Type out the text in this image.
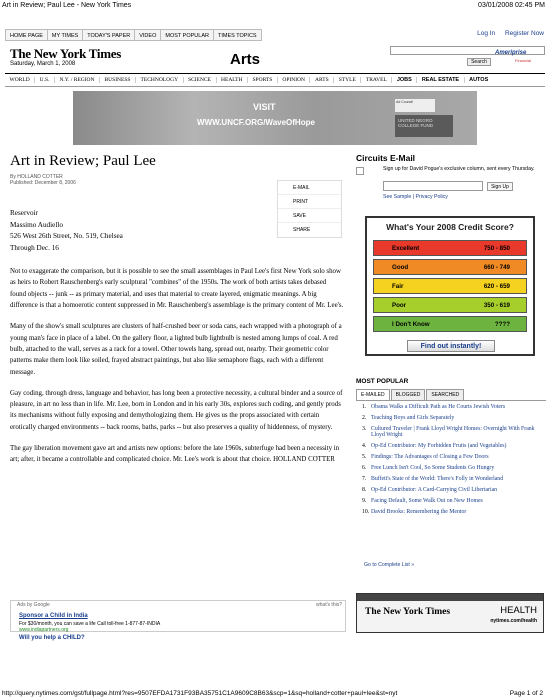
Art in Review; Paul Lee - New York Times	03/01/2008 02:45 PM
HOME PAGE	MY TIMES	TODAY'S PAPER	VIDEO	MOST POPULAR	TIMES TOPICS	Log In Register Now
The New York Times
Saturday, March 1, 2008	Arts	Search
Ameriprise
Financial
WORLD	U.S.	N.Y. / REGION	BUSINESS	TECHNOLOGY	SCIENCE	HEALTH	SPORTS	OPINION	ARTS	STYLE	TRAVEL	JOBS	REAL ESTATE	AUTOS
VISIT
WWW.UNCF.ORG/WaveOfHope
Ad Council
UNITED NEGRO COLLEGE FUND
Art in Review; Paul Lee
By HOLLAND COTTER
Published: December 8, 2006
E-MAIL
PRINT
SAVE
SHARE
Reservoir
Massimo Audiello
526 West 26th Street, No. 519, Chelsea
Through Dec. 16

Not to exaggerate the comparison, but it is possible to see the small assemblages in Paul Lee's first New York solo show as heirs to Robert Rauschenberg's early sculptural "combines" of the 1950s. The work of both artists takes debased found objects -- junk -- as primary material, and uses that material to create layered, enigmatic meanings. A big difference is that a homoerotic content suppressed in Mr. Rauschenberg's assemblage is the primary content of Mr. Lee's.

Many of the show's small sculptures are clusters of half-crushed beer or soda cans, each wrapped with a photograph of a young man's face in place of a label. On the gallery floor, a lighted bulb lightbulb is nested among lumps of coal. A red bulb, attached to the wall, serves as a rack for a towel. Other towels hang, spread out, nearby. Their geometric color patterns make them look like soiled, frayed abstract paintings, but also like semaphore flags, each with a different message.

Gay coding, through dress, language and behavior, has long been a protective necessity, a cultural binder and a source of pleasure, in art no less than in life. Mr. Lee, born in London and in his early 30s, explores such coding, and gently prods its mechanisms without fully exposing and demythologizing them. He gives us the props associated with certain erotically charged environments -- back rooms, baths, parks -- but also preserves a quality of hiddenness, of mystery.

The gay liberation movement gave art and artists new options: before the late 1960s, subterfuge had been a necessity in art; after, it became a controllable and complicated choice. Mr. Lee's work is about that choice. HOLLAND COTTER

Ads by Google	what's this?
Sponsor a Child in India
For $30/month, you can save a life Call toll-free 1-877-87-INDIA
www.indiapartners.org
Will you help a CHILD?
Circuits E-Mail
Sign up for David Pogue's exclusive column, sent every Thursday.
Sign Up
See Sample | Privacy Policy
What's Your 2008 Credit Score?
Excellent	750 - 850
Good	660 - 749
Fair	620 - 659
Poor	350 - 619
I Don't Know	????
Find out instantly!
MOST POPULAR
E-MAILED	BLOGGED	SEARCHED
1. Obama Walks a Difficult Path as He Courts Jewish Voters
2. Teaching Boys and Girls Separately
3. Cultured Traveler | Frank Lloyd Wright Homes: Overnight With Frank Lloyd Wright
4. Op-Ed Contributor: My Forbidden Fruits (and Vegetables)
5. Findings: The Advantages of Closing a Few Doors
6. Free Lunch Isn't Cool, So Some Students Go Hungry
7. Buffett's State of the World: There's Folly in Wonderland
8. Op-Ed Contributor: A Card-Carrying Civil Libertarian
9. Facing Default, Some Walk Out on New Homes
10. David Brooks: Remembering the Mentor
Go to Complete List »
The New York Times	HEALTH
nytimes.com/health
http://query.nytimes.com/gst/fullpage.html?res=9507EFDA1731F93BA35751C1A9609C8B63&scp=1&sq=holland+cotter+paul+lee&st=nyt	Page 1 of 2
